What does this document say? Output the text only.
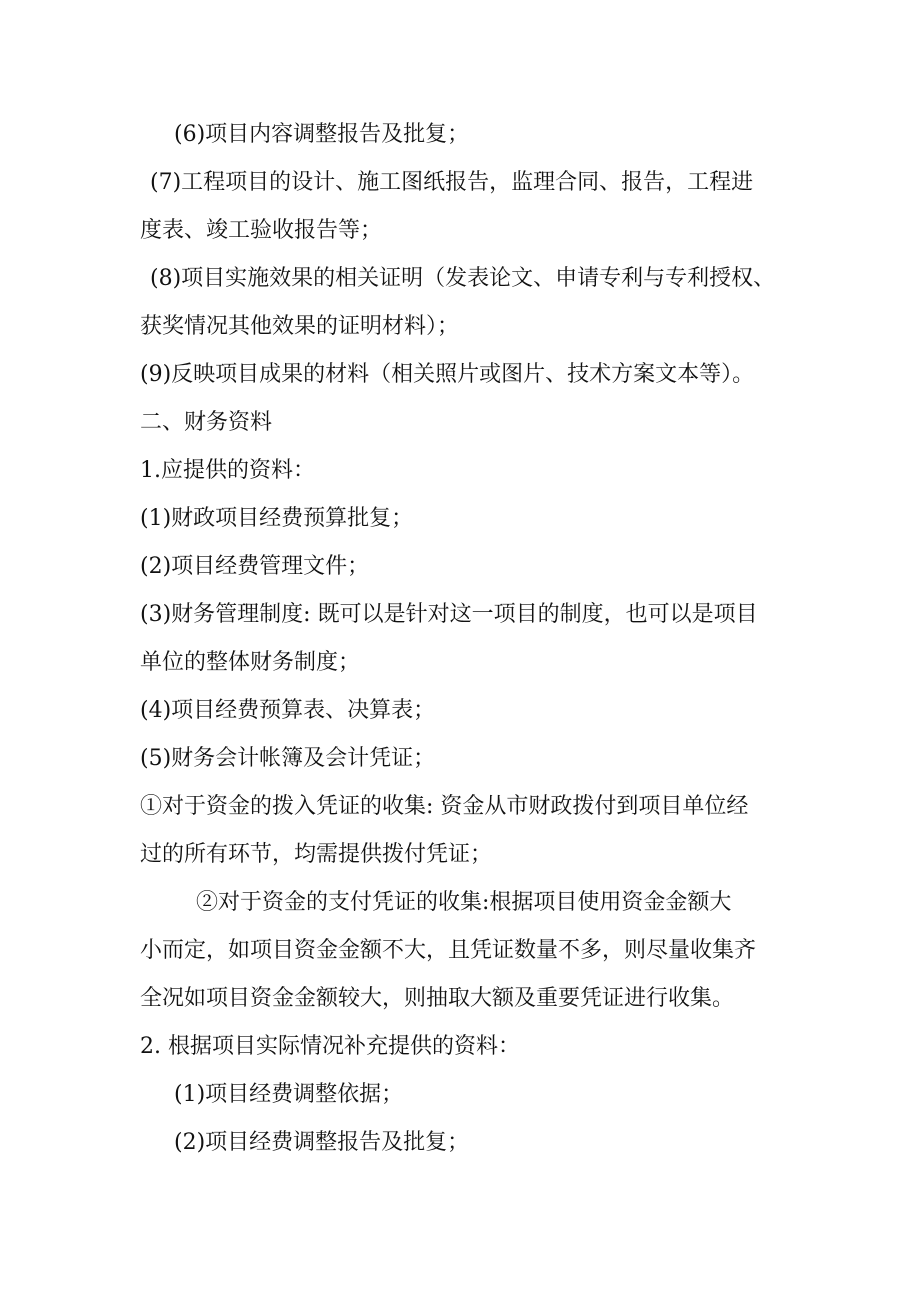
(6)项目内容调整报告及批复；
(7)工程项目的设计、施工图纸报告，监理合同、报告，工程进
度表、竣工验收报告等；
(8)项目实施效果的相关证明（发表论文、申请专利与专利授权、
获奖情况其他效果的证明材料）；
(9)反映项目成果的材料（相关照片或图片、技术方案文本等）。
二、财务资料
1.应提供的资料：
(1)财政项目经费预算批复；
(2)项目经费管理文件；
(3)财务管理制度: 既可以是针对这一项目的制度，也可以是项目
单位的整体财务制度；
(4)项目经费预算表、决算表；
(5)财务会计帐簿及会计凭证；
①对于资金的拨入凭证的收集: 资金从市财政拨付到项目单位经
过的所有环节，均需提供拨付凭证；
②对于资金的支付凭证的收集:根据项目使用资金金额大
小而定，如项目资金金额不大，且凭证数量不多，则尽量收集齐
全况如项目资金金额较大，则抽取大额及重要凭证进行收集。
2. 根据项目实际情况补充提供的资料：
(1)项目经费调整依据；
(2)项目经费调整报告及批复；
